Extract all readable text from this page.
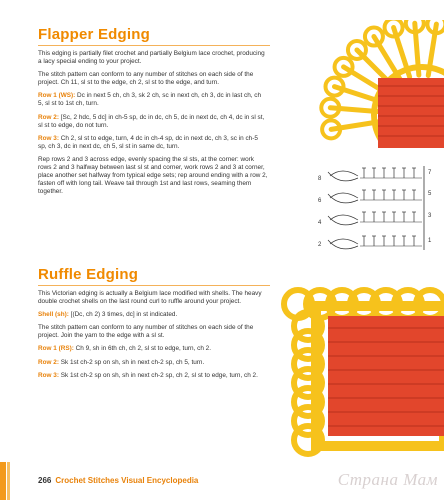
Flapper Edging

This edging is partially filet crochet and partially Belgium lace crochet, producing a lacy special ending to your project.

The stitch pattern can conform to any number of stitches on each side of the project. Ch 11, sl st to the edge, ch 2, sl st to the edge, and turn.

Row 1 (WS): Dc in next 5 ch, ch 3, sk 2 ch, sc in next ch, ch 3, dc in last ch, ch 5, sl st to 1st ch, turn.

Row 2: [Sc, 2 hdc, 5 dc] in ch-5 sp, dc in dc, ch 5, dc in next dc, ch 4, dc in sl st, sl st to edge, do not turn.

Row 3: Ch 2, sl st to edge, turn, 4 dc in ch-4 sp, dc in next dc, ch 3, sc in ch-5 sp, ch 3, dc in next dc, ch 5, sl st in same dc, turn.

Rep rows 2 and 3 across edge, evenly spacing the sl sts, at the corner: work rows 2 and 3 halfway between last sl st and corner, work rows 2 and 3 at corner, place another set halfway from typical edge sets; rep around ending with a row 2, fasten off with long tail. Weave tail through 1st and last rows, seaming them together.

Ruffle Edging

This Victorian edging is actually a Belgium lace modified with shells. The heavy double crochet shells on the last round curl to ruffle around your project.

Shell (sh): [(Dc, ch 2) 3 times, dc] in st indicated.

The stitch pattern can conform to any number of stitches on each side of the project. Join the yarn to the edge with a sl st.

Row 1 (RS): Ch 9, sh in 6th ch, ch 2, sl st to edge, turn, ch 2.

Row 2: Sk 1st ch-2 sp on sh, sh in next ch-2 sp, ch 5, turn.

Row 3: Sk 1st ch-2 sp on sh, sh in next ch-2 sp, ch 2, sl st to edge, turn, ch 2.

7
5
3
1
8
6
4
2
266 Crochet Stitches Visual Encyclopedia	Страна Мам
